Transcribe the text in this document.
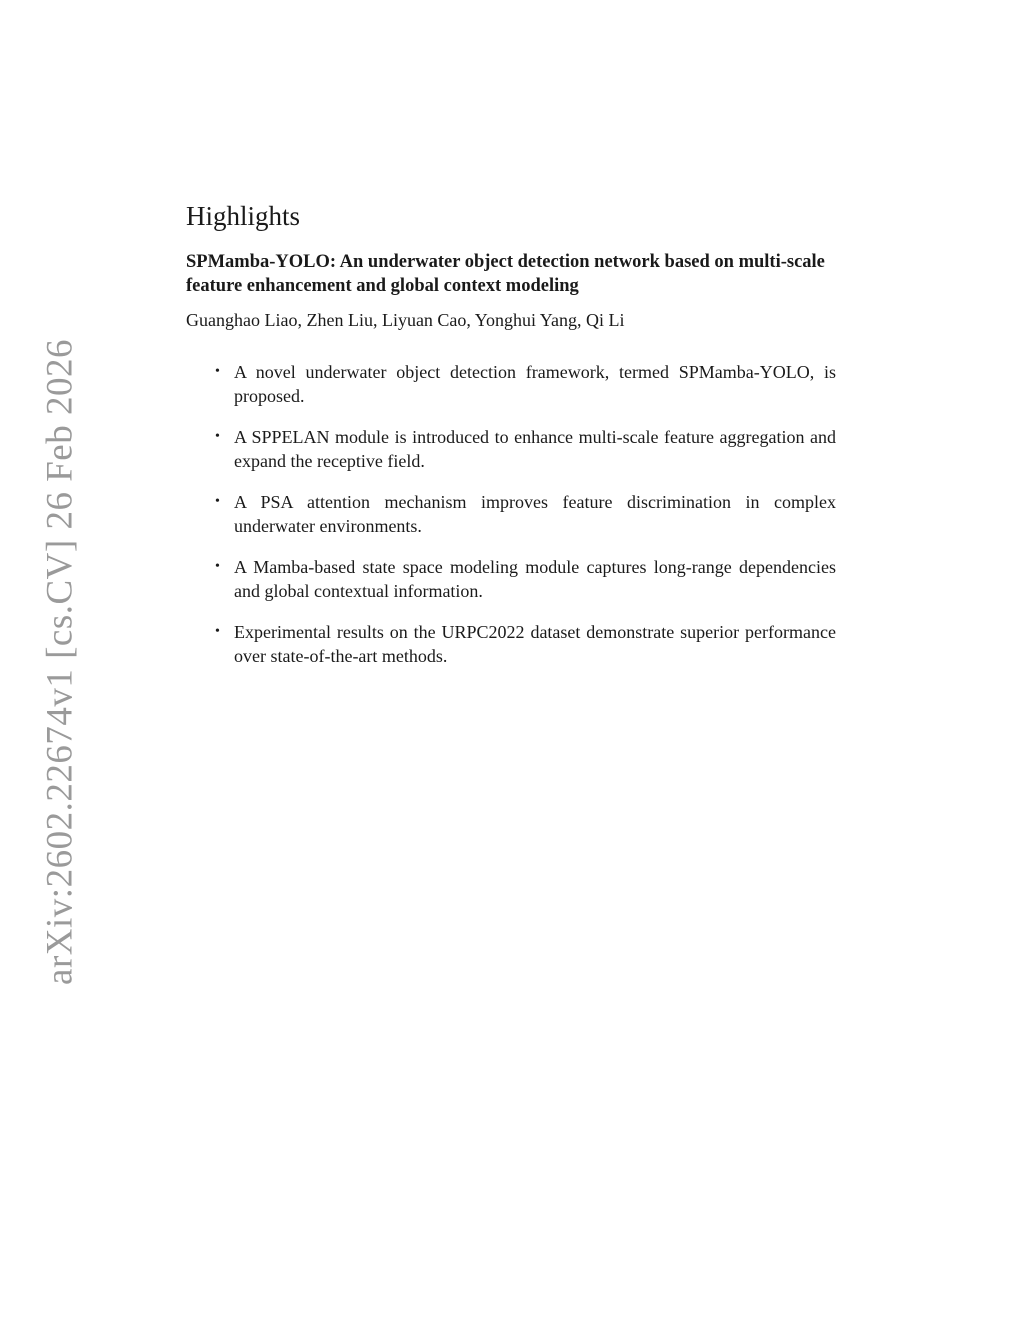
arXiv:2602.22674v1 [cs.CV] 26 Feb 2026
Highlights
SPMamba-YOLO: An underwater object detection network based on multi-scale feature enhancement and global context modeling
Guanghao Liao, Zhen Liu, Liyuan Cao, Yonghui Yang, Qi Li
• A novel underwater object detection framework, termed SPMamba-YOLO, is proposed.
• A SPPELAN module is introduced to enhance multi-scale feature aggregation and expand the receptive field.
• A PSA attention mechanism improves feature discrimination in complex underwater environments.
• A Mamba-based state space modeling module captures long-range dependencies and global contextual information.
• Experimental results on the URPC2022 dataset demonstrate superior performance over state-of-the-art methods.
